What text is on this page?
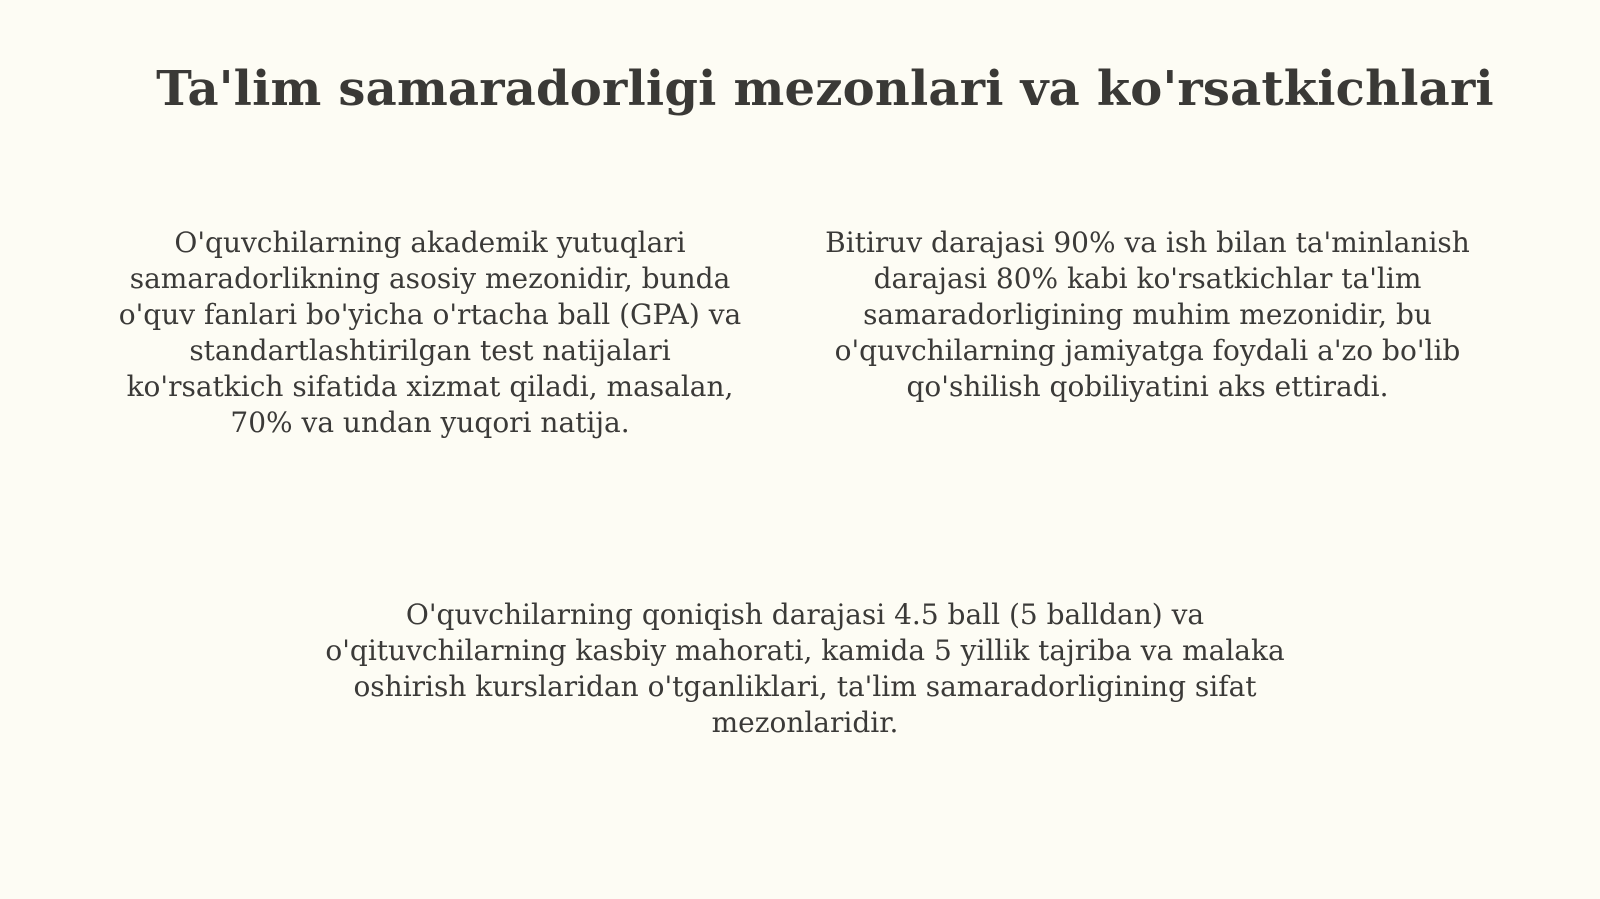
Ta'lim samaradorligi mezonlari va ko'rsatkichlari

O'quvchilarning akademik yutuqlari samaradorlikning asosiy mezonidir, bunda o'quv fanlari bo'yicha o'rtacha ball (GPA) va standartlashtirilgan test natijalari ko'rsatkich sifatida xizmat qiladi, masalan, 70% va undan yuqori natija.

Bitiruv darajasi 90% va ish bilan ta'minlanish darajasi 80% kabi ko'rsatkichlar ta'lim samaradorligining muhim mezonidir, bu o'quvchilarning jamiyatga foydali a'zo bo'lib qo'shilish qobiliyatini aks ettiradi.

O'quvchilarning qoniqish darajasi 4.5 ball (5 balldan) va o'qituvchilarning kasbiy mahorati, kamida 5 yillik tajriba va malaka oshirish kurslaridan o'tganliklari, ta'lim samaradorligining sifat mezonlaridir.
